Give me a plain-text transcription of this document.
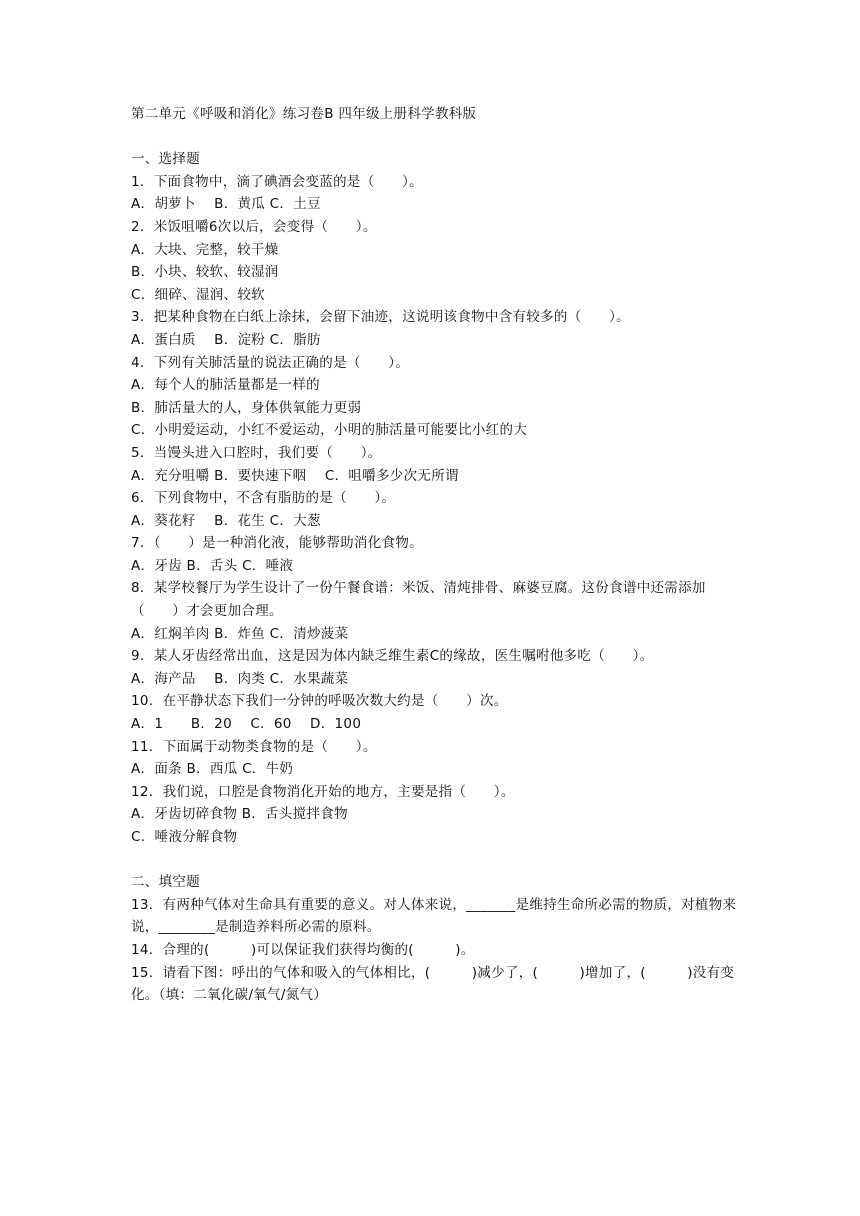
第二单元《呼吸和消化》练习卷B 四年级上册科学教科版
一、选择题
1．下面食物中，滴了碘酒会变蓝的是（　　）。
A．胡萝卜　 B．黄瓜 C．土豆
2．米饭咀嚼6次以后，会变得（　　）。
A．大块、完整，较干燥
B．小块、较软、较湿润
C．细碎、湿润、较软
3．把某种食物在白纸上涂抹，会留下油迹，这说明该食物中含有较多的（　　）。
A．蛋白质　 B．淀粉 C．脂肪
4．下列有关肺活量的说法正确的是（　　）。
A．每个人的肺活量都是一样的
B．肺活量大的人，身体供氧能力更弱
C．小明爱运动，小红不爱运动，小明的肺活量可能要比小红的大
5．当馒头进入口腔时，我们要（　　）。
A．充分咀嚼 B．要快速下咽　 C．咀嚼多少次无所谓
6．下列食物中，不含有脂肪的是（　　）。
A．葵花籽　 B．花生 C．大葱
7．（　　）是一种消化液，能够帮助消化食物。
A．牙齿 B．舌头 C．唾液
8．某学校餐厅为学生设计了一份午餐食谱：米饭、清炖排骨、麻婆豆腐。这份食谱中还需添加（　　）才会更加合理。
A．红焖羊肉 B．炸鱼 C．清炒菠菜
9．某人牙齿经常出血，这是因为体内缺乏维生素C的缘故，医生嘱咐他多吃（　　）。
A．海产品　 B．肉类 C．水果蔬菜
10．在平静状态下我们一分钟的呼吸次数大约是（　　）次。
A．1　　B．20　 C．60　 D．100
11．下面属于动物类食物的是（　　）。
A．面条 B．西瓜 C．牛奶
12．我们说，口腔是食物消化开始的地方，主要是指（　　）。
A．牙齿切碎食物 B．舌头搅拌食物
C．唾液分解食物
二、填空题
13．有两种气体对生命具有重要的意义。对人体来说，_______是维持生命所必需的物质，对植物来说，________是制造养料所必需的原料。
14．合理的(　　　)可以保证我们获得均衡的(　　　)。
15．请看下图：呼出的气体和吸入的气体相比，(　　　)减少了，(　　　)增加了，(　　　)没有变化。（填：二氧化碳/氧气/氮气）
